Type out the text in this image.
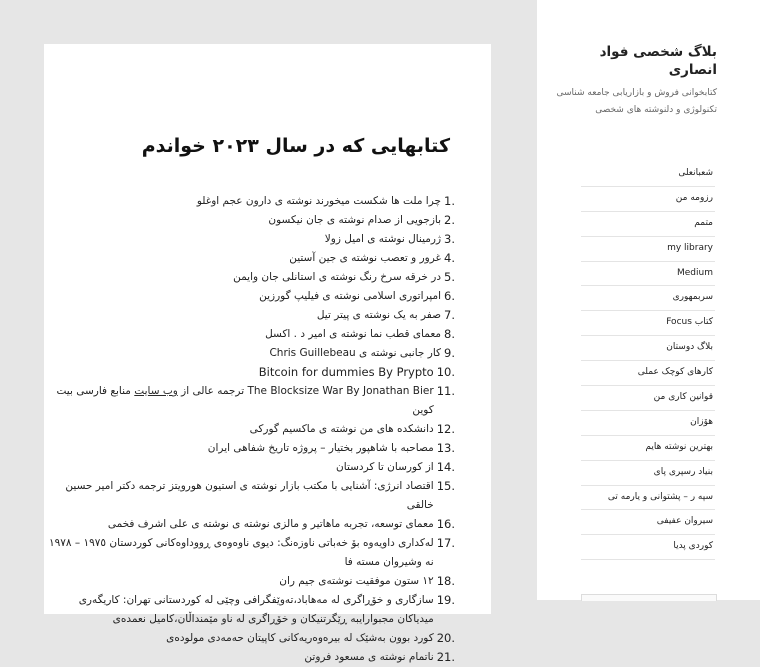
کتابهایی که در سال ۲۰۲۳ خواندم
1.
چرا ملت ها شکست میخورند نوشته ی دارون عجم اوغلو
2.
بازجویی از صدام نوشته ی جان نیکسون
3.
ژرمینال نوشته ی امیل زولا
4.
غرور و تعصب نوشته ی جین آستین
5.
در خرقه سرخ رنگ نوشته ی استانلی جان وایمن
6.
امپراتوری اسلامی نوشته ی فیلیپ گورزین
7.
صفر به یک نوشته ی پیتر تیل
8.
معمای قطب نما نوشته ی امیر د . اکسل
9.
کار جانبی نوشته ی Chris Guillebeau
10.
Bitcoin for dummies By Prypto
11.
The Blocksize War By Jonathan Bier ترجمه عالی از وب سایت منابع فارسی بیت کوین
12.
دانشکده های من نوشته ی ماکسیم گورکی
13.
مصاحبه با شاهپور بختیار – پروژه تاریخ شفاهی ایران
14.
از کورسان تا کردستان
15.
اقتصاد انرژی: آشنایی با مکتب بازار نوشته ی استیون هورویتز ترجمه دکتر امیر حسین خالقی
16.
معمای توسعه، تجربه ماهاتیر و مالزی نوشته ی نوشته ی علی اشرف فخمی
17.
لەکداری داویەوە بۆ خەباتی ناوزەنگ: دیوی ناوەوەی ڕووداوەکانی کوردستان ١٩٧٥ – ١٩٧٨ نە وشیروان مستە فا
18.
۱۲ ستون موفقیت نوشته‌ی جیم ران
19.
سازگاری و خۆڕاگری لە مەهاباد،تەوێفگرافی وچێی لە کوردستانی تهران: کاریگەری میدیاکان مجبوارایبه ڕێگرتنیکان و خۆڕاگری لە ناو مێمنداڵان،کامیل نعمدەی
20.
کورد بوون بەشێک لە بیرەوەریەکانی کاپیتان حەمەدی مولودەی
21.
ناتمام نوشته ی مسعود فروتن
بلاگ شخصی فواد انصاری
کتابخوانی فروش و بازاریابی جامعه شناسی تکنولوژی و دلنوشته های شخصی
شعبانعلی
رزومه من
متمم
my library
Medium
سربمهوری
کتاب Focus
بلاگ دوستان
کارهای کوچک عملی
قوانین کاری من
هۆزان
بهترین نوشته هایم
بنیاد رسپری پای
سپه ر – پشتوانی و یارمه تی
سیروان عفیفی
کوردی پدیا
